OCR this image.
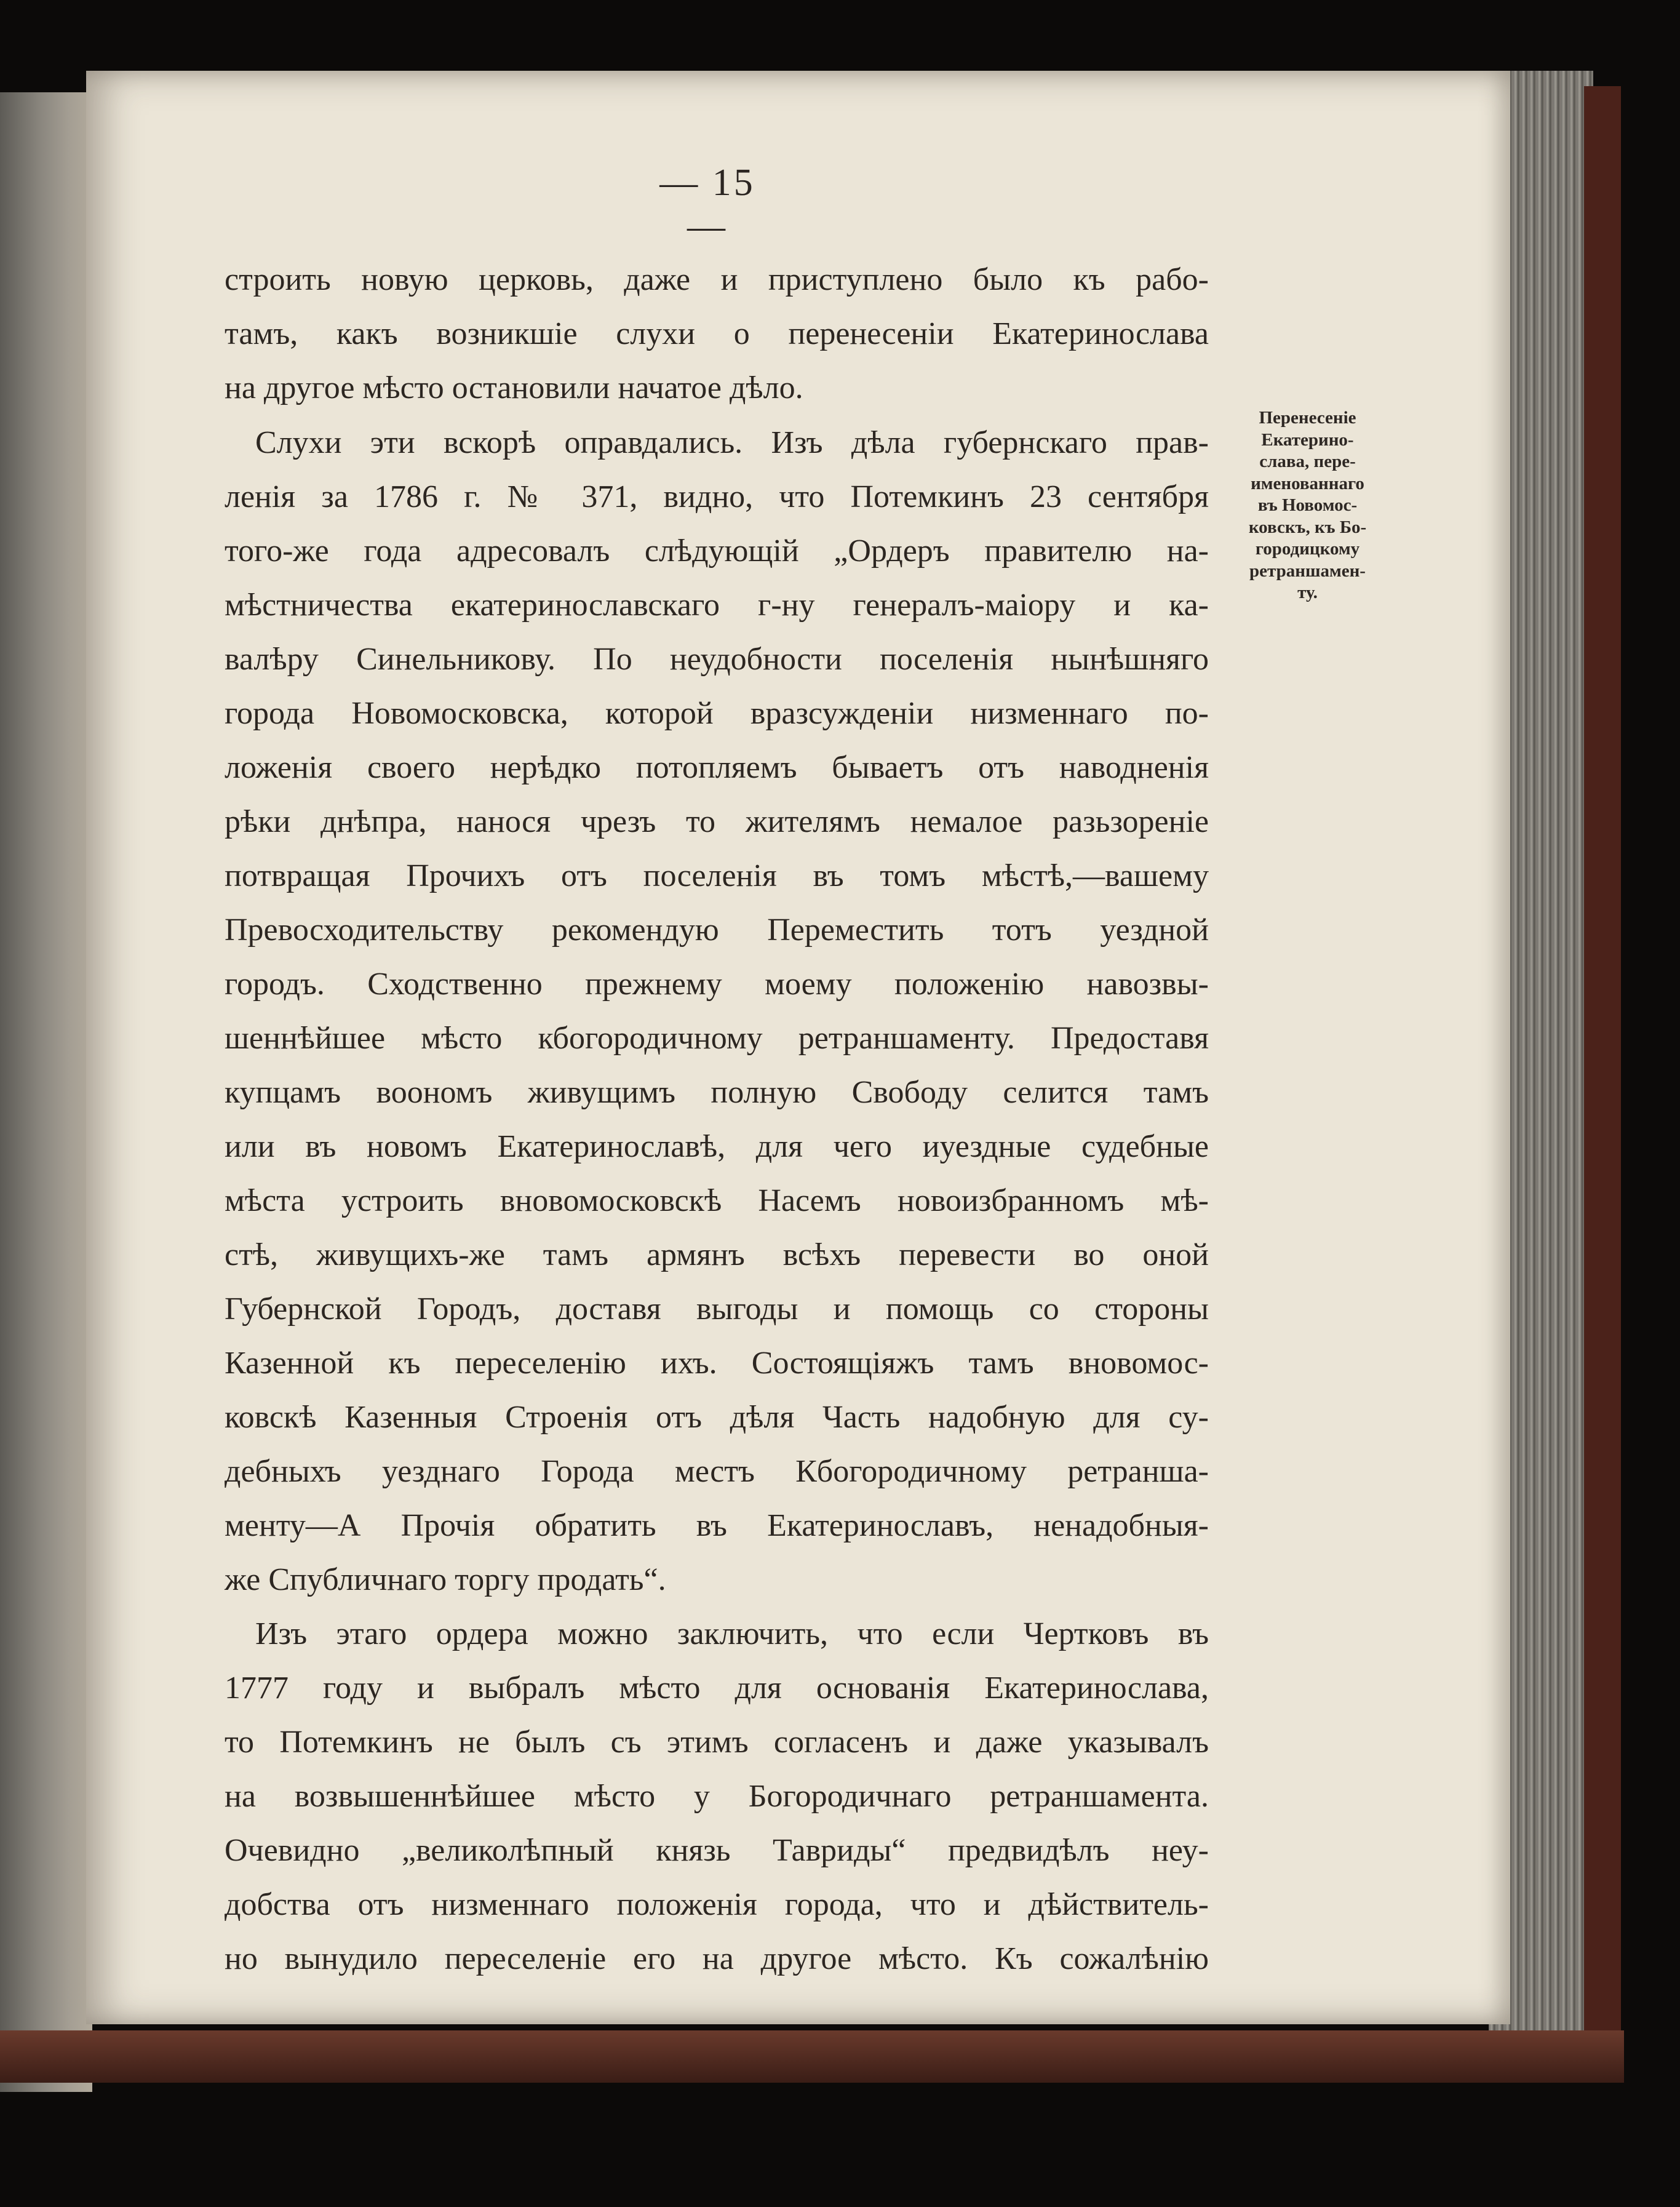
— 15 —
строить новую церковь, даже и приступлено было къ рабо-
тамъ, какъ возникшіе слухи о перенесеніи Екатеринослава
на другое мѣсто остановили начатое дѣло.
Слухи эти вскорѣ оправдались. Изъ дѣла губернскаго прав-
ленія за 1786 г. № 371, видно, что Потемкинъ 23 сентября
того-же года адресовалъ слѣдующій „Ордеръ правителю на-
мѣстничества екатеринославскаго г-ну генералъ-маіору и ка-
валѣру Синельникову. По неудобности поселенія нынѣшняго
города Новомосковска, которой вразсужденіи низменнаго по-
ложенія своего нерѣдко потопляемъ бываетъ отъ наводненія
рѣки днѣпра, нанося чрезъ то жителямъ немалое разьзореніе
потвращая Прочихъ отъ поселенія въ томъ мѣстѣ,—вашему
Превосходительству рекомендую Переместить тотъ уездной
городъ. Сходственно прежнему моему положенію навозвы-
шеннѣйшее мѣсто кбогородичному ретраншаменту. Предоставя
купцамъ воономъ живущимъ полную Свободу селится тамъ
или въ новомъ Екатеринославѣ, для чего иуездные судебные
мѣста устроить вновомосковскѣ Насемъ новоизбранномъ мѣ-
стѣ, живущихъ-же тамъ армянъ всѣхъ перевести во оной
Губернской Городъ, доставя выгоды и помощь со стороны
Казенной къ переселенію ихъ. Состоящіяжъ тамъ вновомос-
ковскѣ Казенныя Строенія отъ дѣля Часть надобную для су-
дебныхъ уезднаго Города местъ Кбогородичному ретранша-
менту—А Прочія обратить въ Екатеринославъ, ненадобныя-
же Спубличнаго торгу продать“.
Изъ этаго ордера можно заключить, что если Чертковъ въ
1777 году и выбралъ мѣсто для основанія Екатеринослава,
то Потемкинъ не былъ съ этимъ согласенъ и даже указывалъ
на возвышеннѣйшее мѣсто у Богородичнаго ретраншамента.
Очевидно „великолѣпный князь Тавриды“ предвидѣлъ неу-
добства отъ низменнаго положенія города, что и дѣйствитель-
но вынудило переселеніе его на другое мѣсто. Къ сожалѣнію
Перенесеніе
Екатерино-
слава, пере-
именованнаго
въ Новомос-
ковскъ, къ Бо-
городицкому
ретраншамен-
ту.
